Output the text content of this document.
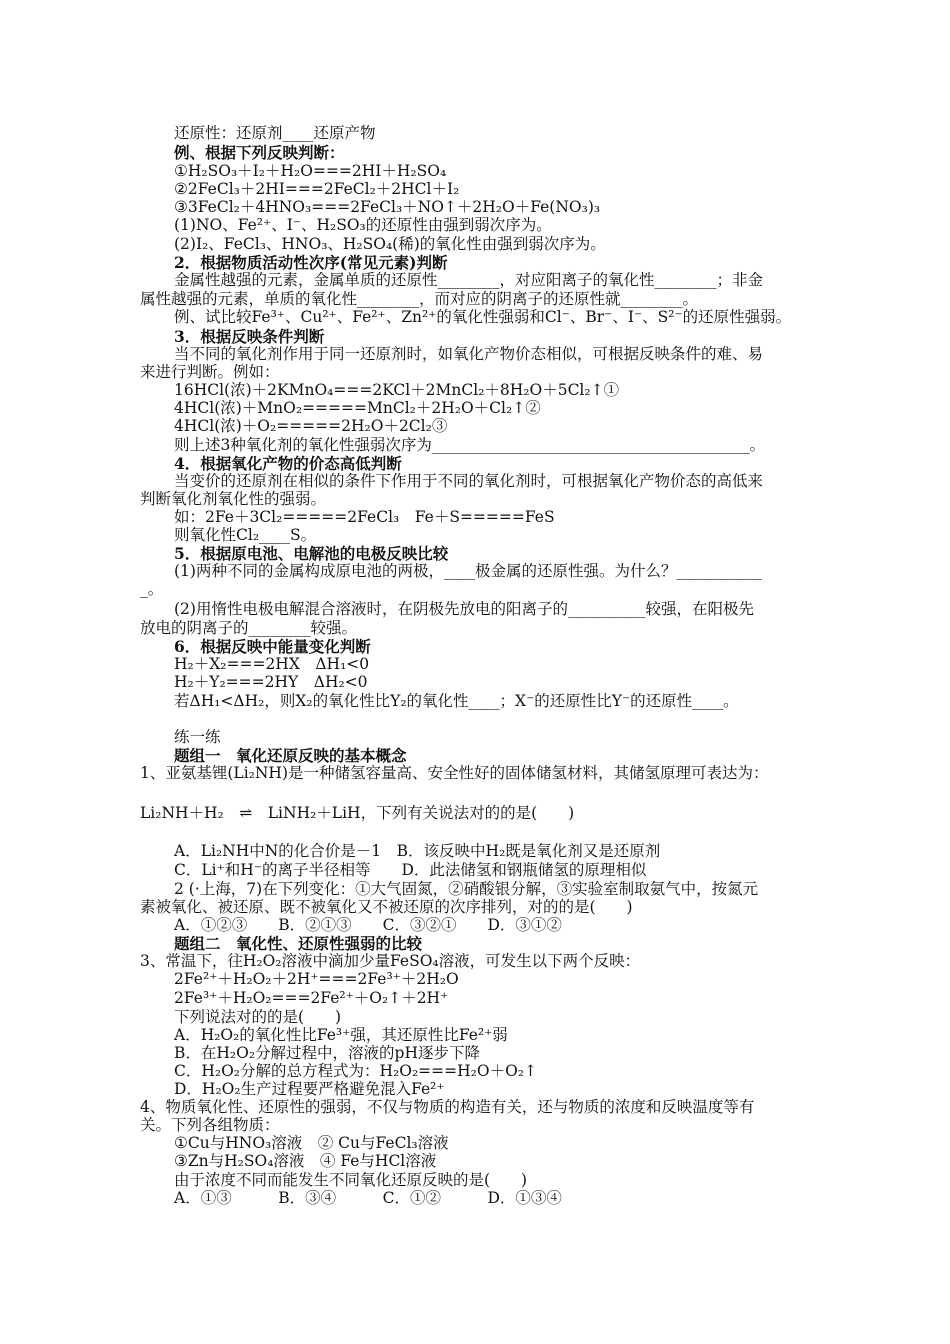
还原性：还原剂____还原产物
例、根据下列反映判断：
①H₂SO₃＋I₂＋H₂O===2HI＋H₂SO₄
②2FeCl₃＋2HI===2FeCl₂＋2HCl＋I₂
③3FeCl₂＋4HNO₃===2FeCl₃＋NO↑＋2H₂O＋Fe(NO₃)₃
(1)NO、Fe²⁺、I⁻、H₂SO₃的还原性由强到弱次序为。
(2)I₂、FeCl₃、HNO₃、H₂SO₄(稀)的氧化性由强到弱次序为。
2．根据物质活动性次序(常见元素)判断
金属性越强的元素，金属单质的还原性________，对应阳离子的氧化性________；非金
属性越强的元素，单质的氧化性________，而对应的阴离子的还原性就________。
例、试比较Fe³⁺、Cu²⁺、Fe²⁺、Zn²⁺的氧化性强弱和Cl⁻、Br⁻、I⁻、S²⁻的还原性强弱。
3．根据反映条件判断
当不同的氧化剂作用于同一还原剂时，如氧化产物价态相似，可根据反映条件的难、易
来进行判断。例如：
16HCl(浓)＋2KMnO₄===2KCl＋2MnCl₂＋8H₂O＋5Cl₂↑①
4HCl(浓)＋MnO₂=====MnCl₂＋2H₂O＋Cl₂↑②
4HCl(浓)＋O₂=====2H₂O＋2Cl₂③
则上述3种氧化剂的氧化性强弱次序为_________________________________________。
4．根据氧化产物的价态高低判断
当变价的还原剂在相似的条件下作用于不同的氧化剂时，可根据氧化产物价态的高低来
判断氧化剂氧化性的强弱。
如：2Fe＋3Cl₂=====2FeCl₃　Fe＋S=====FeS
则氧化性Cl₂____S。
5．根据原电池、电解池的电极反映比较
(1)两种不同的金属构成原电池的两极，____极金属的还原性强。为什么？___________
_。
(2)用惰性电极电解混合溶液时，在阴极先放电的阳离子的__________较强，在阳极先
放电的阴离子的________较强。
6．根据反映中能量变化判断
H₂＋X₂===2HX　ΔH₁<0
H₂＋Y₂===2HY　ΔH₂<0
若ΔH₁<ΔH₂，则X₂的氧化性比Y₂的氧化性____；X⁻的还原性比Y⁻的还原性____。
练一练
题组一　氧化还原反映的基本概念
1、亚氨基锂(Li₂NH)是一种储氢容量高、安全性好的固体储氢材料，其储氢原理可表达为：
Li₂NH＋H₂　⇌　LiNH₂＋LiH，下列有关说法对的的是(　　)
A．Li₂NH中N的化合价是－1　B．该反映中H₂既是氧化剂又是还原剂
C．Li⁺和H⁻的离子半径相等　　D．此法储氢和钢瓶储氢的原理相似
2 (·上海，7)在下列变化：①大气固氮，②硝酸银分解，③实验室制取氨气中，按氮元
素被氧化、被还原、既不被氧化又不被还原的次序排列，对的的是(　　)
A．①②③　　B．②①③　　C．③②①　　D．③①②
题组二　氧化性、还原性强弱的比较
3、常温下，往H₂O₂溶液中滴加少量FeSO₄溶液，可发生以下两个反映：
2Fe²⁺＋H₂O₂＋2H⁺===2Fe³⁺＋2H₂O
2Fe³⁺＋H₂O₂===2Fe²⁺＋O₂↑＋2H⁺
下列说法对的的是(　　)
A．H₂O₂的氧化性比Fe³⁺强，其还原性比Fe²⁺弱
B．在H₂O₂分解过程中，溶液的pH逐步下降
C．H₂O₂分解的总方程式为：H₂O₂===H₂O＋O₂↑
D．H₂O₂生产过程要严格避免混入Fe²⁺
4、物质氧化性、还原性的强弱，不仅与物质的构造有关，还与物质的浓度和反映温度等有
关。下列各组物质：
①Cu与HNO₃溶液　② Cu与FeCl₃溶液
③Zn与H₂SO₄溶液　④ Fe与HCl溶液
由于浓度不同而能发生不同氧化还原反映的是(　　)
A．①③　　　B．③④　　　C．①②　　　D．①③④
